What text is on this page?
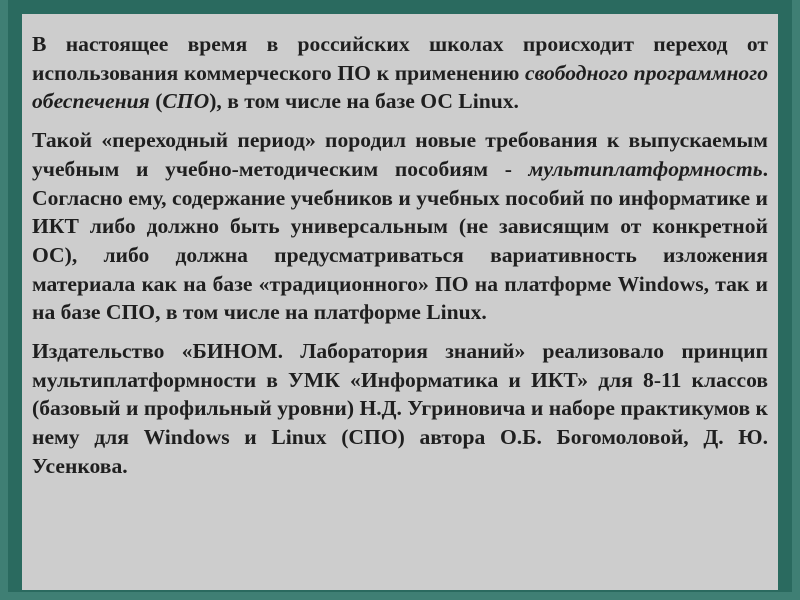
В настоящее время в российских школах происходит переход от использования коммерческого ПО к применению свободного программного обеспечения (СПО), в том числе на базе ОС Linux.

Такой «переходный период» породил новые требования к выпускаемым учебным и учебно-методическим пособиям - мультиплатформность. Согласно ему, содержание учебников и учебных пособий по информатике и ИКТ либо должно быть универсальным (не зависящим от конкретной ОС), либо должна предусматриваться вариативность изложения материала как на базе «традиционного» ПО на платформе Windows, так и на базе СПО, в том числе на платформе Linux.

Издательство «БИНОМ. Лаборатория знаний» реализовало принцип мультиплатформности в УМК «Информатика и ИКТ» для 8-11 классов (базовый и профильный уровни) Н.Д. Угриновича и наборе практикумов к нему для Windows и Linux (СПО) автора О.Б. Богомоловой, Д. Ю. Усенкова.
